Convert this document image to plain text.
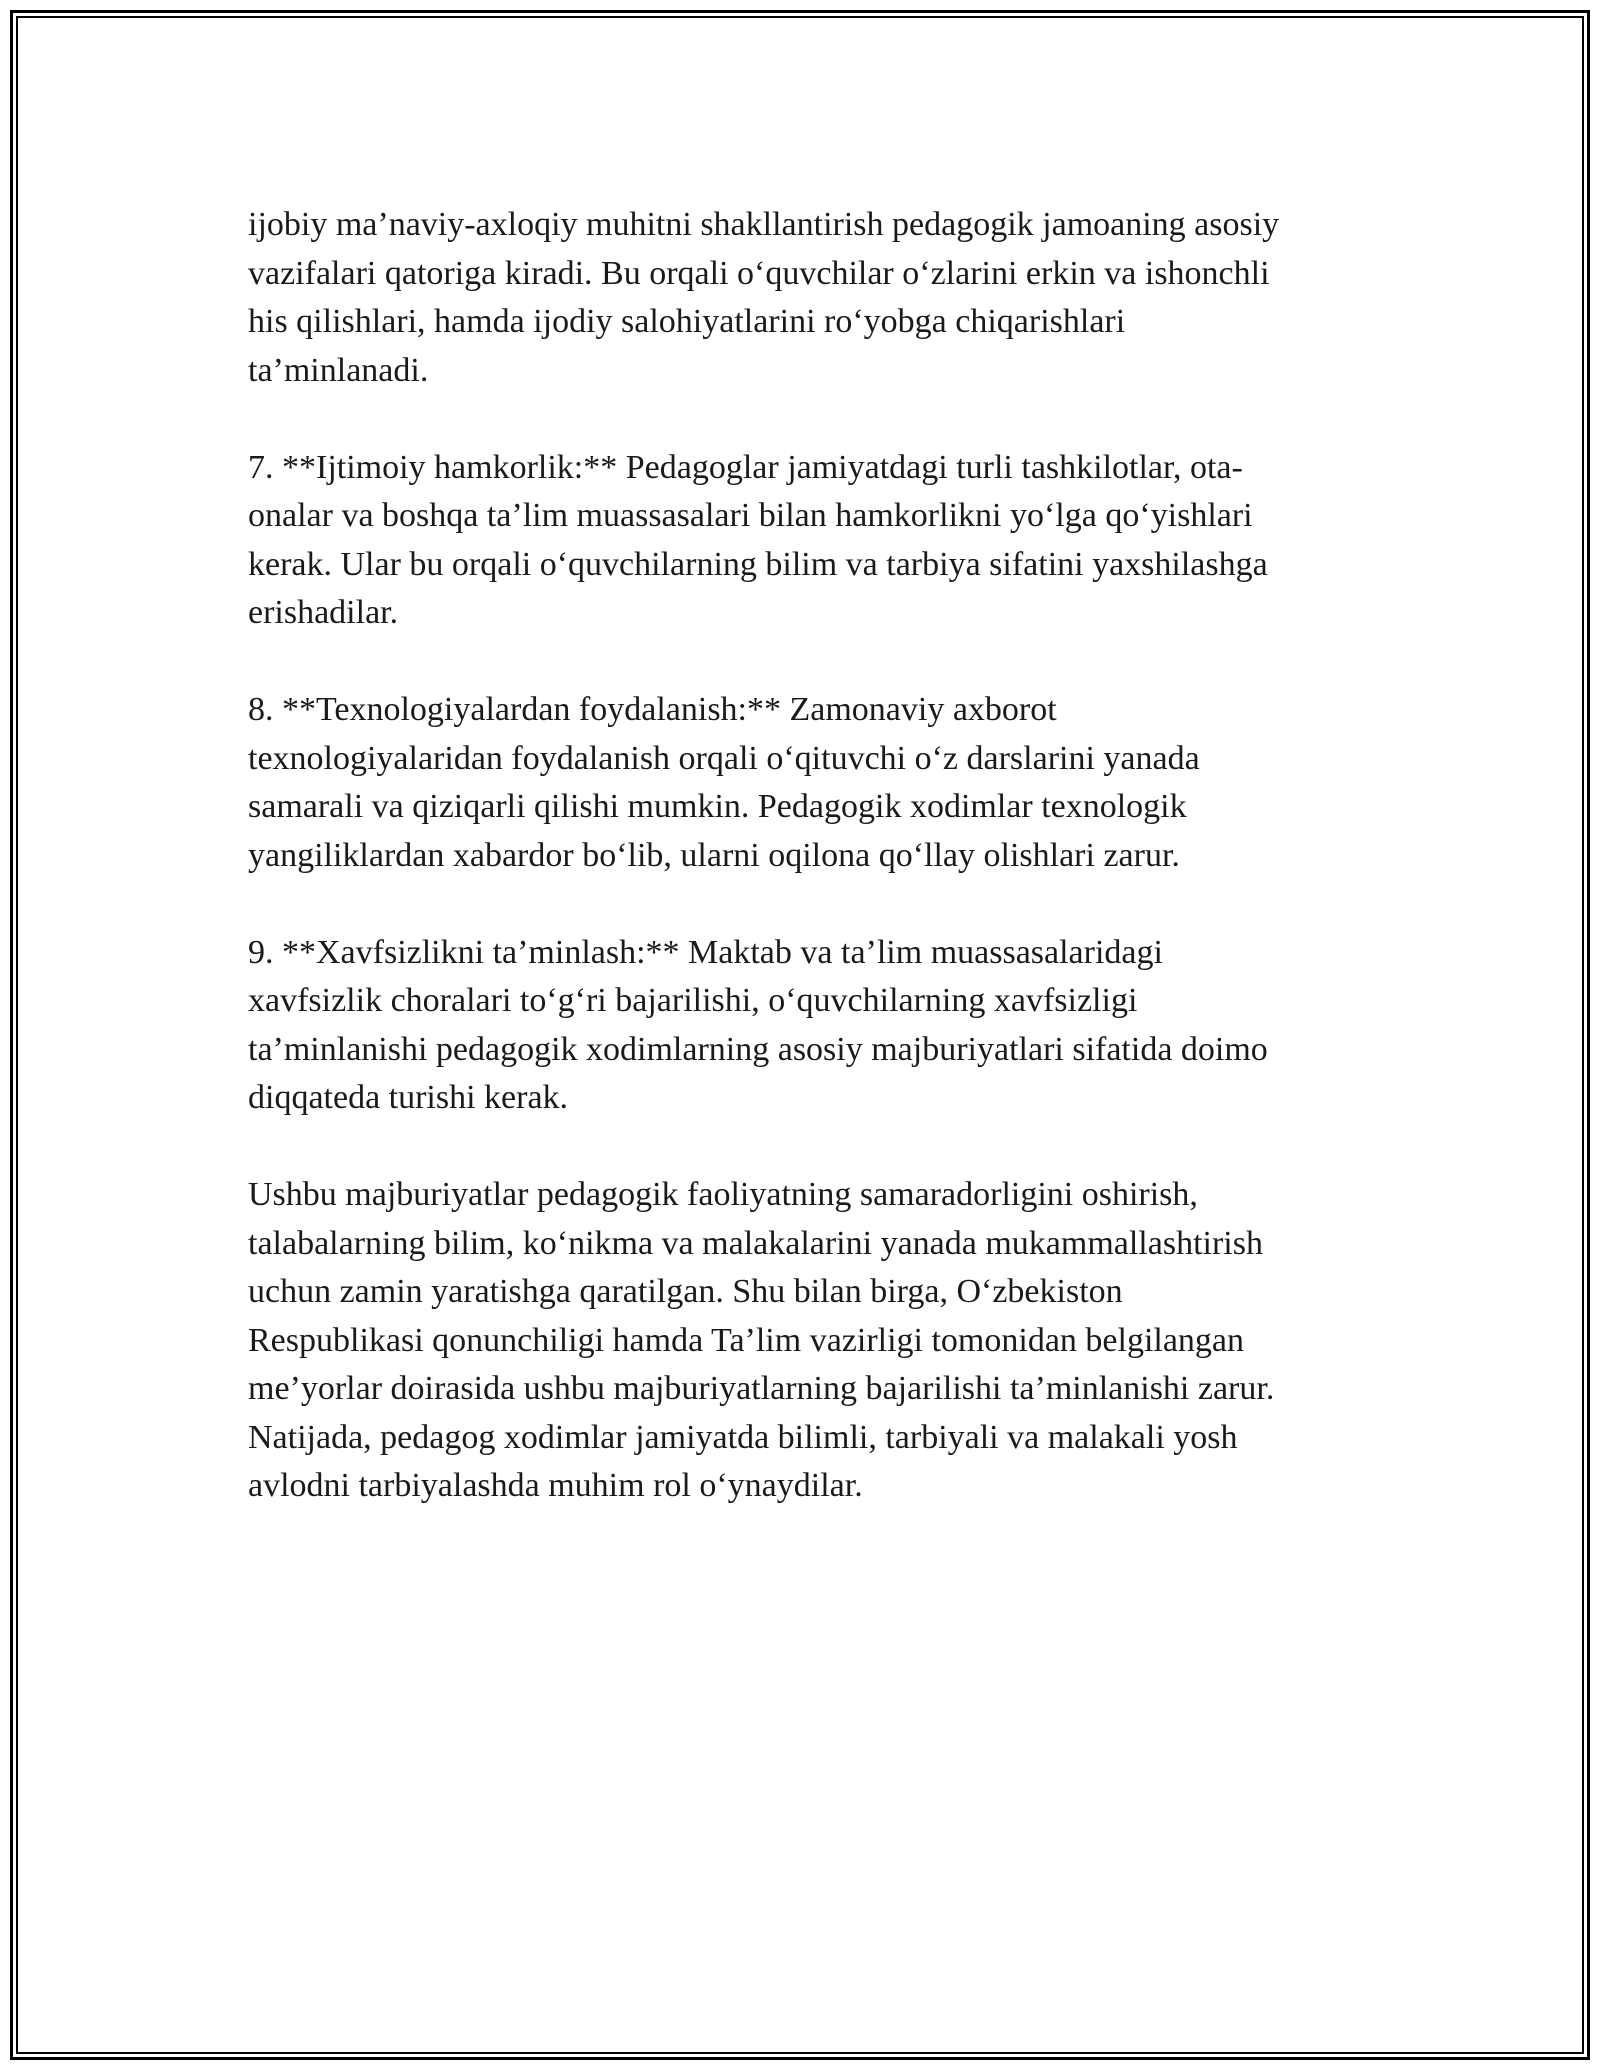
ijobiy ma’naviy-axloqiy muhitni shakllantirish pedagogik jamoaning asosiy
vazifalari qatoriga kiradi. Bu orqali o‘quvchilar o‘zlarini erkin va ishonchli
his qilishlari, hamda ijodiy salohiyatlarini ro‘yobga chiqarishlari
ta’minlanadi.

7. **Ijtimoiy hamkorlik:** Pedagoglar jamiyatdagi turli tashkilotlar, ota-
onalar va boshqa ta’lim muassasalari bilan hamkorlikni yo‘lga qo‘yishlari
kerak. Ular bu orqali o‘quvchilarning bilim va tarbiya sifatini yaxshilashga
erishadilar.

8. **Texnologiyalardan foydalanish:** Zamonaviy axborot
texnologiyalaridan foydalanish orqali o‘qituvchi o‘z darslarini yanada
samarali va qiziqarli qilishi mumkin. Pedagogik xodimlar texnologik
yangiliklardan xabardor bo‘lib, ularni oqilona qo‘llay olishlari zarur.

9. **Xavfsizlikni ta’minlash:** Maktab va ta’lim muassasalaridagi
xavfsizlik choralari to‘g‘ri bajarilishi, o‘quvchilarning xavfsizligi
ta’minlanishi pedagogik xodimlarning asosiy majburiyatlari sifatida doimo
diqqateda turishi kerak.

Ushbu majburiyatlar pedagogik faoliyatning samaradorligini oshirish,
talabalarning bilim, ko‘nikma va malakalarini yanada mukammallashtirish
uchun zamin yaratishga qaratilgan. Shu bilan birga, O‘zbekiston
Respublikasi qonunchiligi hamda Ta’lim vazirligi tomonidan belgilangan
me’yorlar doirasida ushbu majburiyatlarning bajarilishi ta’minlanishi zarur.
Natijada, pedagog xodimlar jamiyatda bilimli, tarbiyali va malakali yosh
avlodni tarbiyalashda muhim rol o‘ynaydilar.
